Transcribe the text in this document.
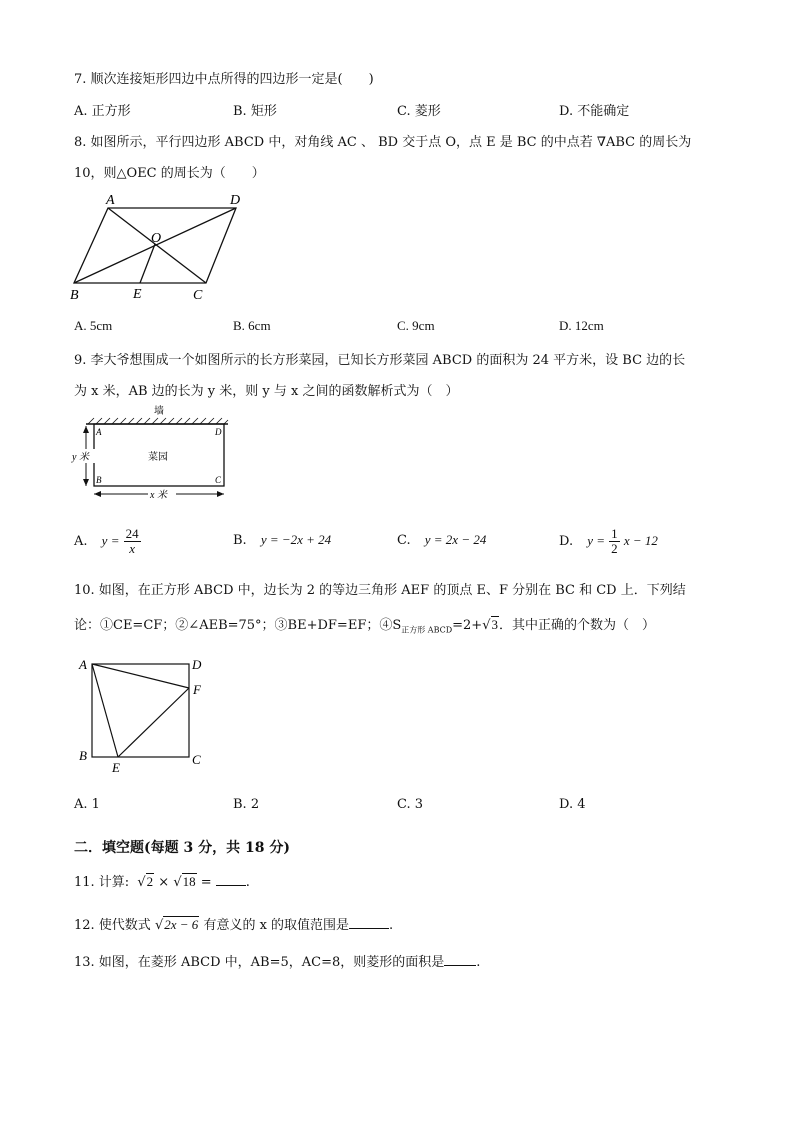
7. 顺次连接矩形四边中点所得的四边形一定是(　　)
A. 正方形	B. 矩形	C. 菱形	D. 不能确定
8. 如图所示，平行四边形 ABCD 中，对角线 AC 、 BD 交于点 O，点 E 是 BC 的中点若 ∇ABC 的周长为
10，则△OEC 的周长为（　　）
A	D
O
B	E	C
A. 5cm	B. 6cm	C. 9cm	D. 12cm
9. 李大爷想围成一个如图所示的长方形菜园，已知长方形菜园 ABCD 的面积为 24 平方米，设 BC 边的长
为 x 米，AB 边的长为 y 米，则 y 与 x 之间的函数解析式为（　）
墙
A	D
B	C
菜园
y 米
x 米
A. $y = \frac{24}{x}$	B. y = −2x + 24	C. y = 2x − 24	D. $y = \frac{1}{2}$ x − 12
10. 如图，在正方形 ABCD 中，边长为 2 的等边三角形 AEF 的顶点 E、F 分别在 BC 和 CD 上．下列结
论：①CE=CF；②∠AEB=75°；③BE+DF=EF；$④S_{正方形 ABCD}=2+√3$．其中正确的个数为（　）
A	D
F
B	C
E
A. 1	B. 2	C. 3	D. 4
二．填空题(每题 3 分，共 18 分)
11. 计算: √2 × √18 =	.
12. 使代数式 √2x − 6 有意义的 x 的取值范围是	.
13. 如图，在菱形 ABCD 中，AB=5，AC=8，则菱形的面积是 .
